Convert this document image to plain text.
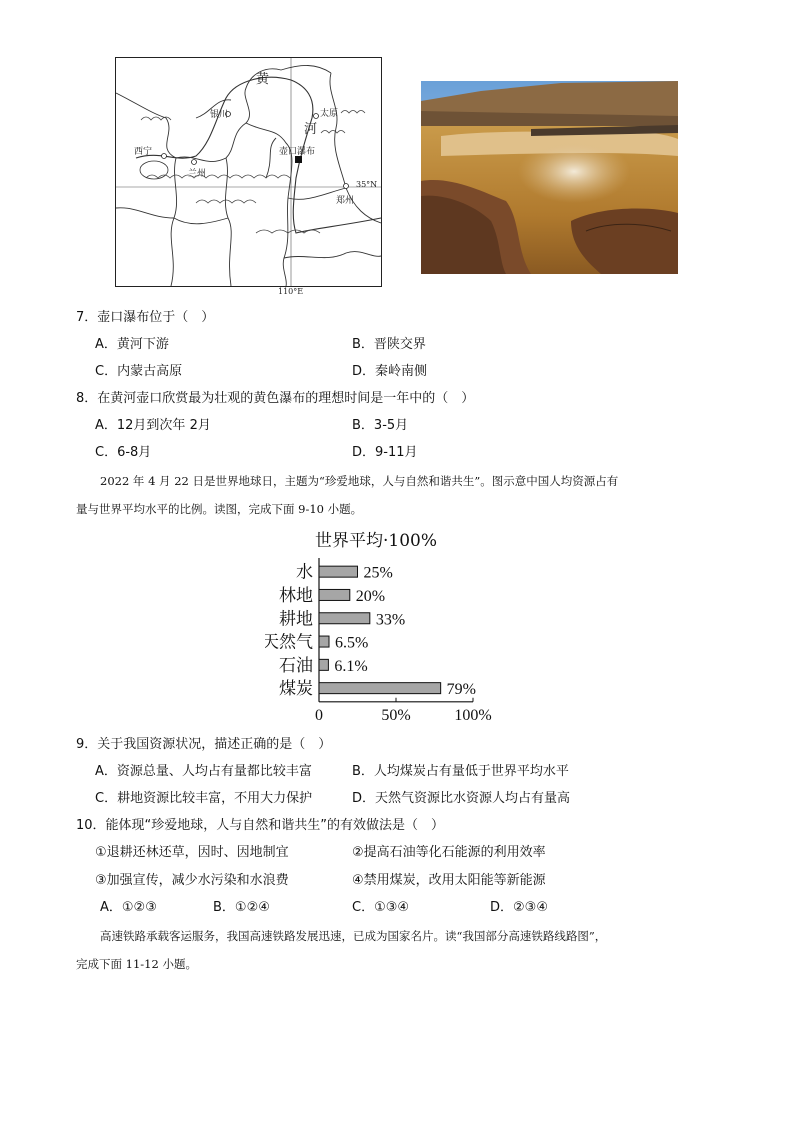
黄
河
银川	太原
西宁
兰州
壶口瀑布
郑州
35°N
110°E
7．壶口瀑布位于（　）
A．黄河下游	B．晋陕交界
C．内蒙古高原	D．秦岭南侧
8．在黄河壶口欣赏最为壮观的黄色瀑布的理想时间是一年中的（　）
A．12月到次年 2月	B．3-5月
C．6-8月	D．9-11月
2022 年 4 月 22 日是世界地球日，主题为“珍爱地球，人与自然和谐共生”。图示意中国人均资源占有
量与世界平均水平的比例。读图，完成下面 9-10 小题。
世界平均·100%
水	25%
林地	20%
耕地	33%
天然气 6.5%
石油 6.1%
煤炭	79%
0	50%	100%
9．关于我国资源状况，描述正确的是（　）
A．资源总量、人均占有量都比较丰富	B．人均煤炭占有量低于世界平均水平
C．耕地资源比较丰富，不用大力保护	D．天然气资源比水资源人均占有量高
10．能体现“珍爱地球，人与自然和谐共生”的有效做法是（　）
①退耕还林还草，因时、因地制宜	②提高石油等化石能源的利用效率
③加强宣传，减少水污染和水浪费	④禁用煤炭，改用太阳能等新能源
A．①②③	B．①②④	C．①③④	D．②③④
高速铁路承载客运服务，我国高速铁路发展迅速，已成为国家名片。读“我国部分高速铁路线路图”，
完成下面 11-12 小题。
